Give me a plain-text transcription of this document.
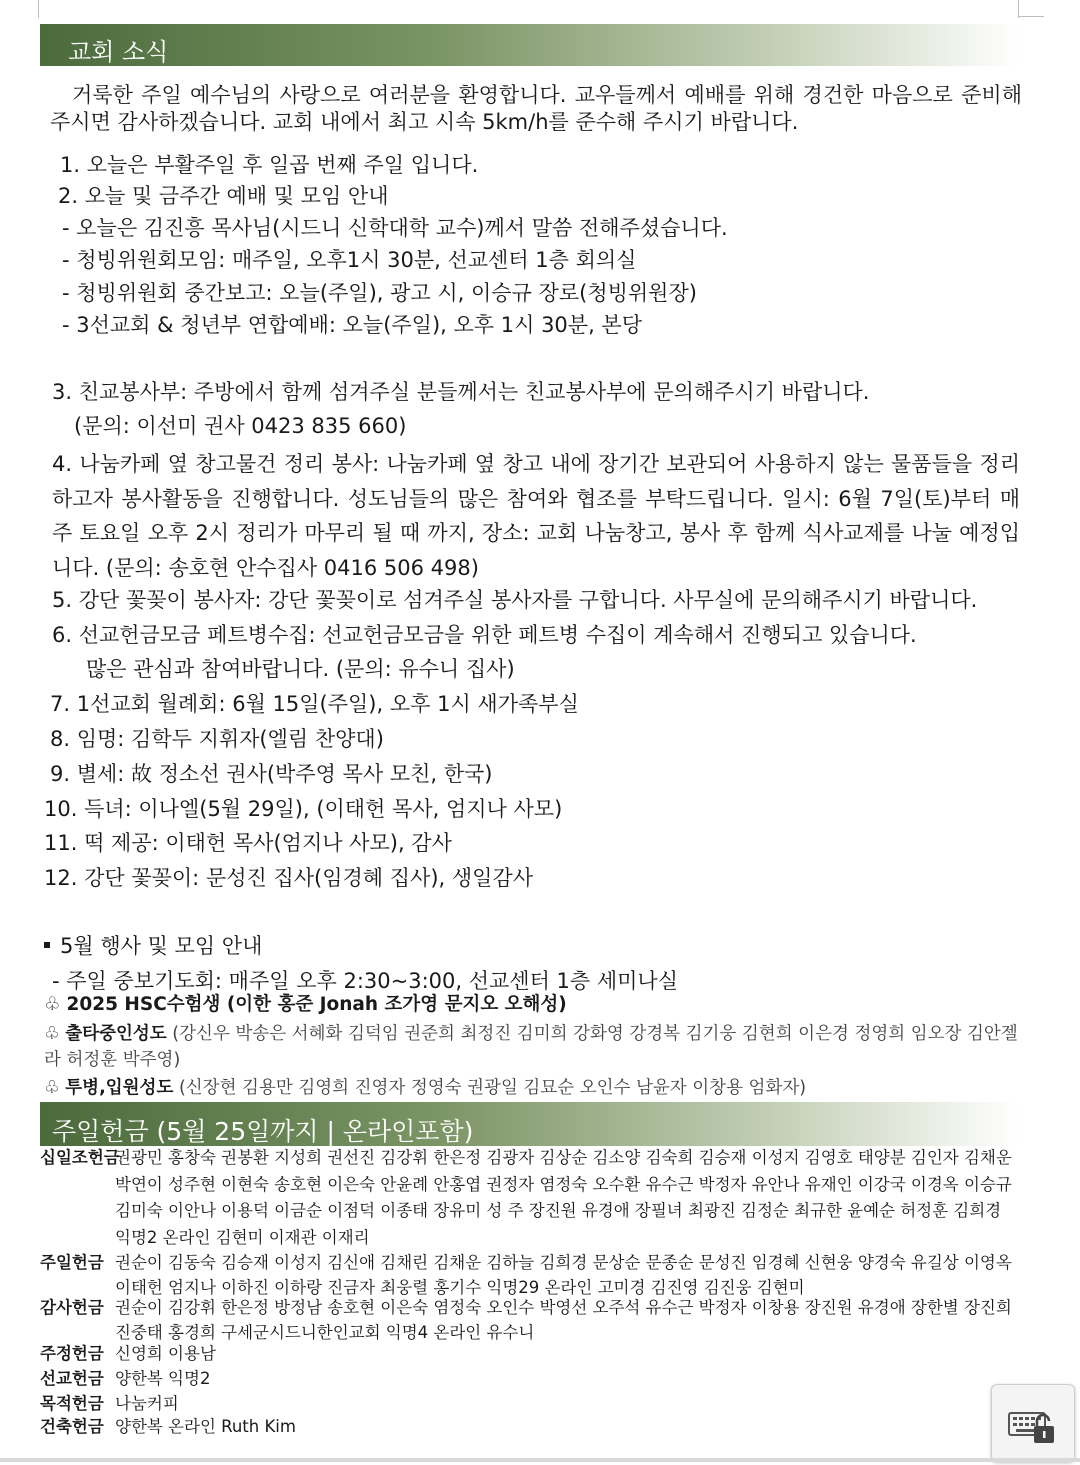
교회 소식
거룩한 주일 예수님의 사랑으로 여러분을 환영합니다. 교우들께서 예배를 위해 경건한 마음으로 준비해주시면 감사하겠습니다. 교회 내에서 최고 시속 5km/h를 준수해 주시기 바랍니다.
1. 오늘은 부활주일 후 일곱 번째 주일 입니다.
2. 오늘 및 금주간 예배 및 모임 안내
- 오늘은 김진흥 목사님(시드니 신학대학 교수)께서 말씀 전해주셨습니다.
- 청빙위원회모임: 매주일, 오후1시 30분, 선교센터 1층 회의실
- 청빙위원회 중간보고: 오늘(주일), 광고 시, 이승규 장로(청빙위원장)
- 3선교회 & 청년부 연합예배: 오늘(주일), 오후 1시 30분, 본당
3. 친교봉사부: 주방에서 함께 섬겨주실 분들께서는 친교봉사부에 문의해주시기 바랍니다.
(문의: 이선미 권사 0423 835 660)
4. 나눔카페 옆 창고물건 정리 봉사: 나눔카페 옆 창고 내에 장기간 보관되어 사용하지 않는 물품들을 정리하고자 봉사활동을 진행합니다. 성도님들의 많은 참여와 협조를 부탁드립니다. 일시: 6월 7일(토)부터 매주 토요일 오후 2시 정리가 마무리 될 때 까지, 장소: 교회 나눔창고, 봉사 후 함께 식사교제를 나눌 예정입니다. (문의: 송호현 안수집사 0416 506 498)
5. 강단 꽃꽂이 봉사자: 강단 꽃꽂이로 섬겨주실 봉사자를 구합니다. 사무실에 문의해주시기 바랍니다.
6. 선교헌금모금 페트병수집: 선교헌금모금을 위한 페트병 수집이 계속해서 진행되고 있습니다.
많은 관심과 참여바랍니다. (문의: 유수니 집사)
7. 1선교회 월례회: 6월 15일(주일), 오후 1시 새가족부실
8. 임명: 김학두 지휘자(엘림 찬양대)
9. 별세: 故 정소선 권사(박주영 목사 모친, 한국)
10. 득녀: 이나엘(5월 29일), (이태헌 목사, 엄지나 사모)
11. 떡 제공: 이태헌 목사(엄지나 사모), 감사
12. 강단 꽃꽂이: 문성진 집사(임경혜 집사), 생일감사
5월 행사 및 모임 안내
- 주일 중보기도회: 매주일 오후 2:30~3:00, 선교센터 1층 세미나실
♧ 2025 HSC수험생 (이한 홍준 Jonah 조가영 문지오 오해성)
♧ 출타중인성도 (강신우 박송은 서혜화 김덕임 권준희 최정진 김미희 강화영 강경복 김기웅 김현희 이은경 정영희 임오장 김안젤라 허정훈 박주영)
♧ 투병,입원성도 (신장현 김용만 김영희 진영자 정영숙 권광일 김묘순 오인수 남윤자 이창용 엄화자)
주일헌금 (5월 25일까지 | 온라인포함)
십일조헌금
권광민 홍창숙 권봉환 지성희 권선진 김강휘 한은정 김광자 김상순 김소양 김숙희 김승재 이성지 김영호 태양분 김인자 김채운 박연이 성주현 이현숙 송호현 이은숙 안윤례 안홍엽 권정자 염정숙 오수환 유수근 박정자 유안나 유재인 이강국 이경옥 이승규 김미숙 이안나 이용덕 이금순 이점덕 이종태 장유미 성 주 장진원 유경애 장필녀 최광진 김정순 최규한 윤예순 허정훈 김희경 익명2 온라인 김현미 이재관 이재리
주일헌금 권순이 김동숙 김승재 이성지 김신애 김채린 김채운 김하늘 김희경 문상순 문종순 문성진 임경혜 신현웅 양경숙 유길상 이영옥 이태헌 엄지나 이하진 이하랑 진금자 최웅렬 홍기수 익명29 온라인 고미경 김진영 김진웅 김현미
감사헌금 권순이 김강휘 한은정 방정남 송호현 이은숙 염정숙 오인수 박영선 오주석 유수근 박정자 이창용 장진원 유경애 장한별 장진희 진중태 홍경희 구세군시드니한인교회 익명4 온라인 유수니
주정헌금 신영희 이용남
선교헌금 양한복 익명2
목적헌금 나눔커피
건축헌금 양한복 온라인 Ruth Kim
